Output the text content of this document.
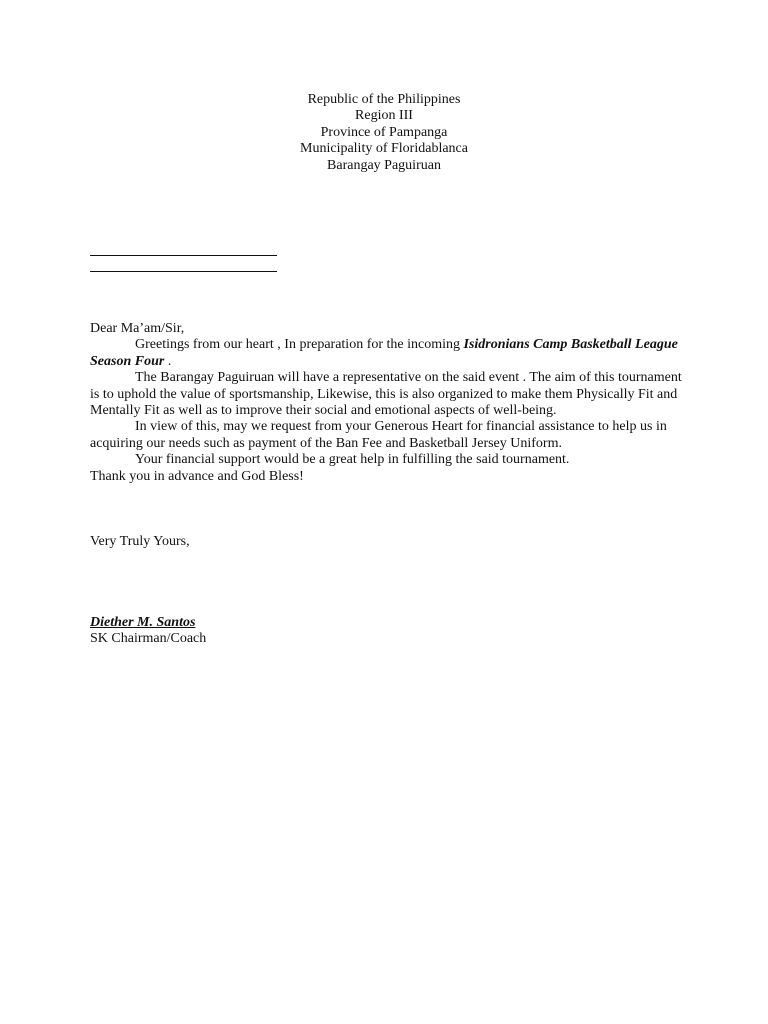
Republic of the Philippines
Region III
Province of Pampanga
Municipality of Floridablanca
Barangay Paguiruan

Dear Ma’am/Sir,

Greetings from our heart , In preparation for the incoming Isidronians Camp Basketball League Season Four .

The Barangay Paguiruan will have a representative on the said event . The aim of this tournament is to uphold the value of sportsmanship, Likewise, this is also organized to make them Physically Fit and Mentally Fit as well as to improve their social and emotional aspects of well-being.

In view of this, may we request from your Generous Heart for financial assistance to help us in acquiring our needs such as payment of the Ban Fee and Basketball Jersey Uniform.

Your financial support would be a great help in fulfilling the said tournament.

Thank you in advance and God Bless!

Very Truly Yours,
Diether M. Santos
SK Chairman/Coach
